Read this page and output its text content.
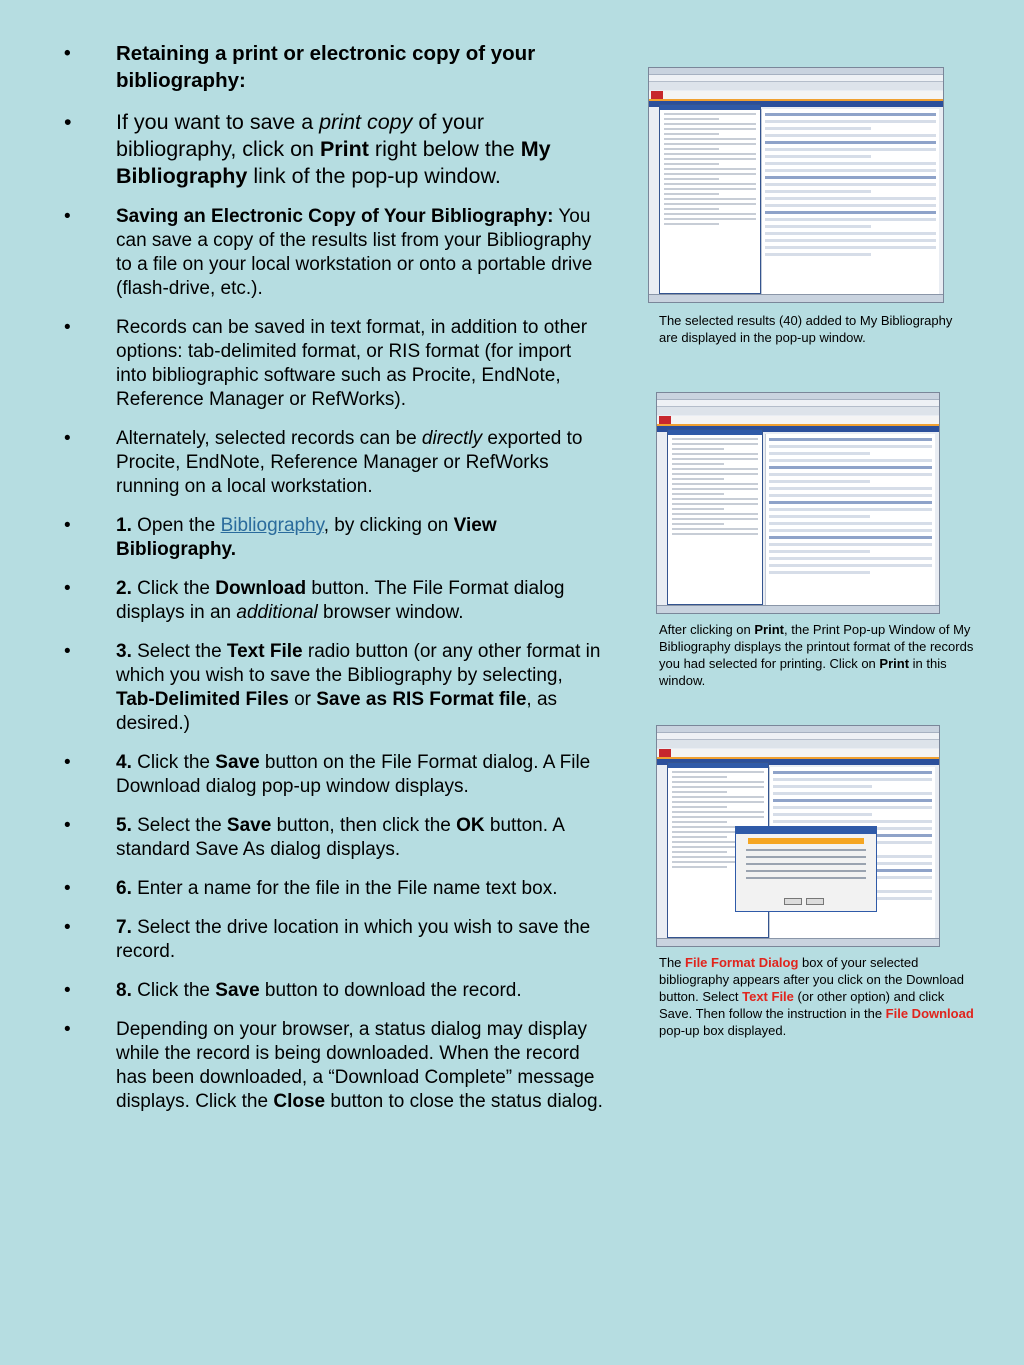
• Retaining a print or electronic copy of your bibliography:
• If you want to save a print copy of your bibliography, click on Print right below the My Bibliography link of the pop-up window.
• Saving an Electronic Copy of Your Bibliography: You can save a copy of the results list from your Bibliography to a file on your local workstation or onto a portable drive (flash-drive, etc.).
• Records can be saved in text format, in addition to other options: tab-delimited format, or RIS format (for import into bibliographic software such as Procite, EndNote, Reference Manager or RefWorks).
• Alternately, selected records can be directly exported to Procite, EndNote, Reference Manager or RefWorks running on a local workstation.
• 1. Open the Bibliography, by clicking on View Bibliography.
• 2. Click the Download button. The File Format dialog displays in an additional browser window.
• 3. Select the Text File radio button (or any other format in which you wish to save the Bibliography by selecting, Tab-Delimited Files or Save as RIS Format file, as desired.)
• 4. Click the Save button on the File Format dialog. A File Download dialog pop-up window displays.
• 5. Select the Save button, then click the OK button. A standard Save As dialog displays.
• 6. Enter a name for the file in the File name text box.
• 7. Select the drive location in which you wish to save the record.
• 8. Click the Save button to download the record.
• Depending on your browser, a status dialog may display while the record is being downloaded. When the record has been downloaded, a “Download Complete” message displays. Click the Close button to close the status dialog.
The selected results (40) added to My Bibliography are displayed in the pop-up window.
After clicking on Print, the Print Pop-up Window of My Bibliography displays the printout format of the records you had selected for printing. Click on Print in this window.
The File Format Dialog box of your selected bibliography appears after you click on the Download button. Select Text File (or other option) and click Save. Then follow the instruction in the File Download pop-up box displayed.
